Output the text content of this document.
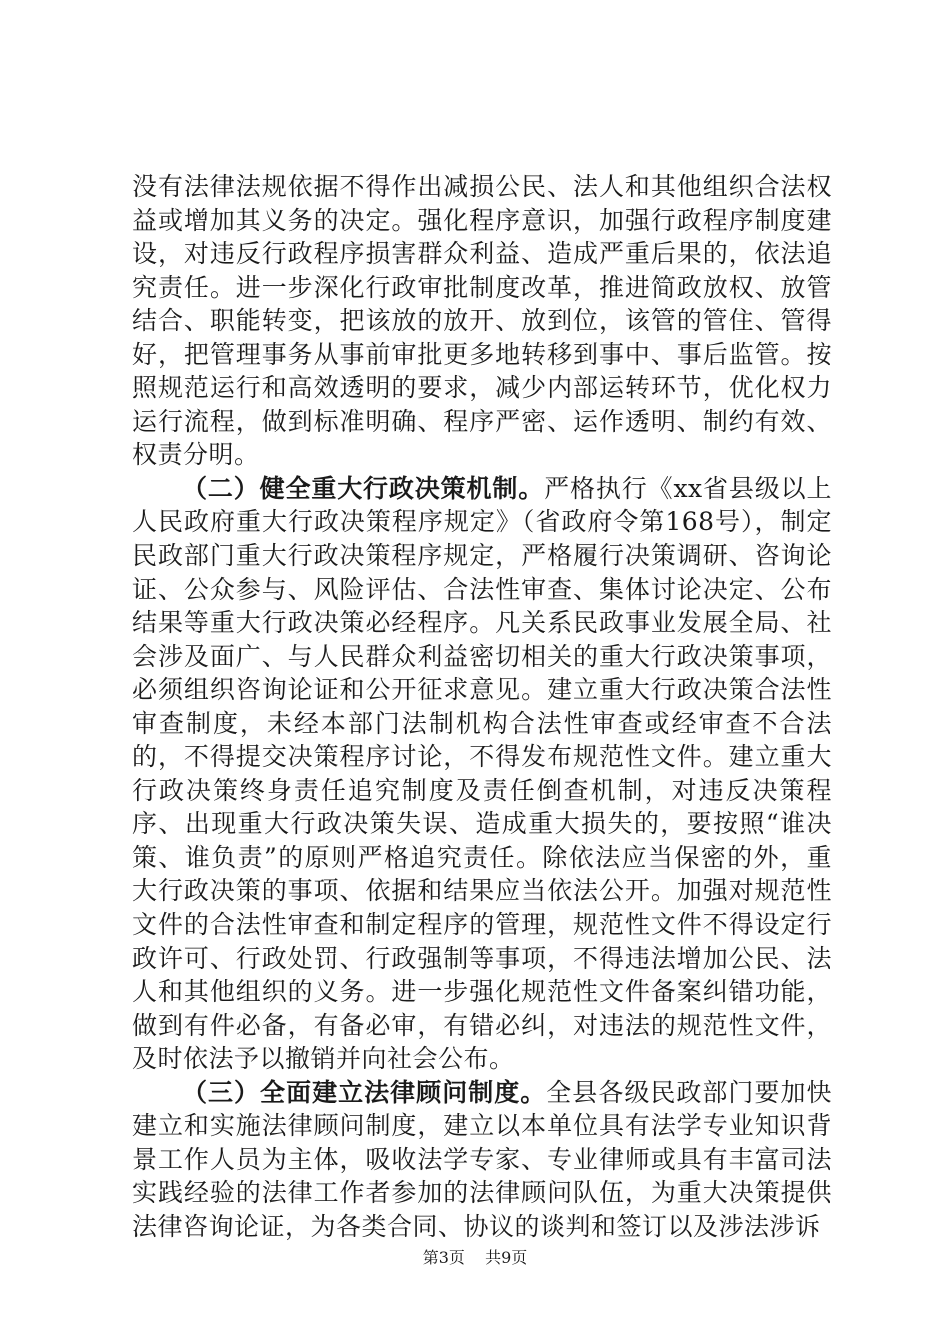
没有法律法规依据不得作出减损公民、法人和其他组织合法权益或增加其义务的决定。强化程序意识，加强行政程序制度建设，对违反行政程序损害群众利益、造成严重后果的，依法追究责任。进一步深化行政审批制度改革，推进简政放权、放管结合、职能转变，把该放的放开、放到位，该管的管住、管得好，把管理事务从事前审批更多地转移到事中、事后监管。按照规范运行和高效透明的要求，减少内部运转环节，优化权力运行流程，做到标准明确、程序严密、运作透明、制约有效、权责分明。

（二）健全重大行政决策机制。严格执行《xx省县级以上人民政府重大行政决策程序规定》（省政府令第168号），制定民政部门重大行政决策程序规定，严格履行决策调研、咨询论证、公众参与、风险评估、合法性审查、集体讨论决定、公布结果等重大行政决策必经程序。凡关系民政事业发展全局、社会涉及面广、与人民群众利益密切相关的重大行政决策事项，必须组织咨询论证和公开征求意见。建立重大行政决策合法性审查制度，未经本部门法制机构合法性审查或经审查不合法的，不得提交决策程序讨论，不得发布规范性文件。建立重大行政决策终身责任追究制度及责任倒查机制，对违反决策程序、出现重大行政决策失误、造成重大损失的，要按照“谁决策、谁负责”的原则严格追究责任。除依法应当保密的外，重大行政决策的事项、依据和结果应当依法公开。加强对规范性文件的合法性审查和制定程序的管理，规范性文件不得设定行政许可、行政处罚、行政强制等事项，不得违法增加公民、法人和其他组织的义务。进一步强化规范性文件备案纠错功能，做到有件必备，有备必审，有错必纠，对违法的规范性文件，及时依法予以撤销并向社会公布。

（三）全面建立法律顾问制度。全县各级民政部门要加快建立和实施法律顾问制度，建立以本单位具有法学专业知识背景工作人员为主体，吸收法学专家、专业律师或具有丰富司法实践经验的法律工作者参加的法律顾问队伍，为重大决策提供法律咨询论证，为各类合同、协议的谈判和签订以及涉法涉诉

第3页 共9页
